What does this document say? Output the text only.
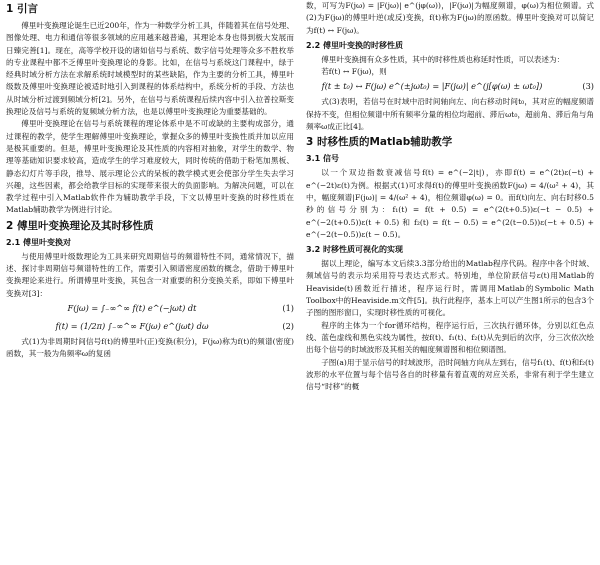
1 引言

傅里叶变换理论诞生已近200年，作为一种数学分析工具，伴随着其在信号处理、图像处理、电力和通信等很多领域的应用越来越普遍，其理论本身也得到极大发展而日臻完善[1]。现在，高等学校开设的诸如信号与系统、数字信号处理等众多不胜枚举的专业课程中都不乏傅里叶变换理论的身影。比如，在信号与系统这门课程中，绿于经典时域分析方法在求解系统时域模型时的某些缺陷，作为主要的分析工具，傅里叶级数及傅里叶变换理论被适时地引入到课程的体系结构中，系统分析的手段、方法也从时域分析过渡到频域分析[2]。另外，在信号与系统课程后续内容中引入拉普拉斯变换理论及信号与系统的复频域分析方法，也是以傅里叶变换理论为重要基础的。

傅里叶变换理论在信号与系统课程的理论体系中是不可或缺的主要构成部分，通过课程的教学，使学生理解傅里叶变换理论，掌握众多的傅里叶变换性质并加以应用是极其重要的。但是，傅里叶变换理论及其性质的内容相对抽象，对学生的数学、物理等基础知识要求较高，造成学生的学习难度较大，同时传统的借助于粉笔加黑板、静态幻灯片等手段，推导、展示理论公式的呆板的教学模式更会使部分学生失去学习兴趣，这些因素，都会给教学目标的实现带来很大的负面影响。为解决问题，可以在教学过程中引入Matlab软件作为辅助教学手段，下文以傅里叶变换的时移性质在Matlab辅助教学为例进行讨论。

2 傅里叶变换理论及其时移性质
2.1 傅里叶变换对

与使用傅里叶级数理论为工具来研究周期信号的频谱特性不同，通常情况下，描述、探讨非周期信号频谱特性的工作，需要引入频谱密度函数的概念，借助于傅里叶变换理论来进行。所谓傅里叶变换，其包含一对重要的积分变换关系，即如下傅里叶变换对[3]：

F(jω) = ∫₋∞^∞ f(t) e^(−jωt) dt	(1)
f(t) = (1/2π) ∫₋∞^∞ F(jω) e^(jωt) dω	(2)

式(1)为非周期时间信号f(t)的傅里叶(正)变换(积分)，F(jω)称为f(t)的频谱(密度)函数，其一般为角频率ω的复函

数，可写为F(jω) = |F(jω)| e^(jφ(ω))，|F(jω)|为幅度频谱，φ(ω)为相位频谱。式(2)为F(jω)的傅里叶逆(或反)变换，f(t)称为F(jω)的原函数。傅里叶变换对可以简记为f(t) ↔ F(jω)。

2.2 傅里叶变换的时移性质

傅里叶变换拥有众多性质，其中的时移性质也称延时性质，可以表述为：

若f(t) ↔ F(jω)，则

f(t ± t₀) ↔ F(jω) e^(±jωt₀) = |F(jω)| e^(j[φ(ω) ± ωt₀])	(3)

式(3)表明，若信号在时域中沿时间轴向左、向右移动时间t₀，其对应的幅度频谱保持不变，但相位频谱中所有频率分量的相位均超前、滞后ωt₀，超前角、滞后角与角频率ω成正比[4]。

3 时移性质的Matlab辅助教学
3.1 信号

以一个双边指数衰减信号f(t) = e^(−2|t|)，亦即f(t) = e^(2t)ε(−t) + e^(−2t)ε(t)为例。根据式(1)可求得f(t)的傅里叶变换函数F(jω) = 4/(ω² + 4)，其中，幅度频谱|F(jω)| = 4/(ω² + 4)，相位频谱φ(ω) = 0。而f(t)向左、向右时移0.5秒的信号分别为：f₁(t) = f(t + 0.5) = e^(2(t+0.5))ε(−t − 0.5) + e^(−2(t+0.5))ε(t + 0.5) 和 f₂(t) = f(t − 0.5) = e^(2(t−0.5))ε(−t + 0.5) + e^(−2(t−0.5))ε(t − 0.5)。

3.2 时移性质可视化的实现

据以上理论，编写本文后续3.3部分给出的Matlab程序代码。程序中各个时域、频域信号的表示均采用符号表达式形式。特别地，单位阶跃信号ε(t)用Matlab的Heaviside(t)函数近行描述，程序运行时，需调用Matlab的Symbolic Math Toolbox中的Heaviside.m文件[5]。执行此程序，基本上可以产生图1所示的包含3个子图的图形窗口，实现时移性质的可视化。

程序的主体为一个for循环结构，程序运行后，三次执行循环体，分别以红色点线、蓝色虚线和黑色实线为属性，按f(t)、f₁(t)、f₂(t)从先到后的次序，分三次依次绘出每个信号的时域波形及其相关的幅度频谱图和相位频谱图。

子图(a)用于显示信号的时域波形，沿时间轴方向从左到右，信号f₁(t)、f(t)和f₂(t)波形的水平位置与每个信号各自的时移量有着直观的对应关系，非常有利于学生建立信号“时移”的概
